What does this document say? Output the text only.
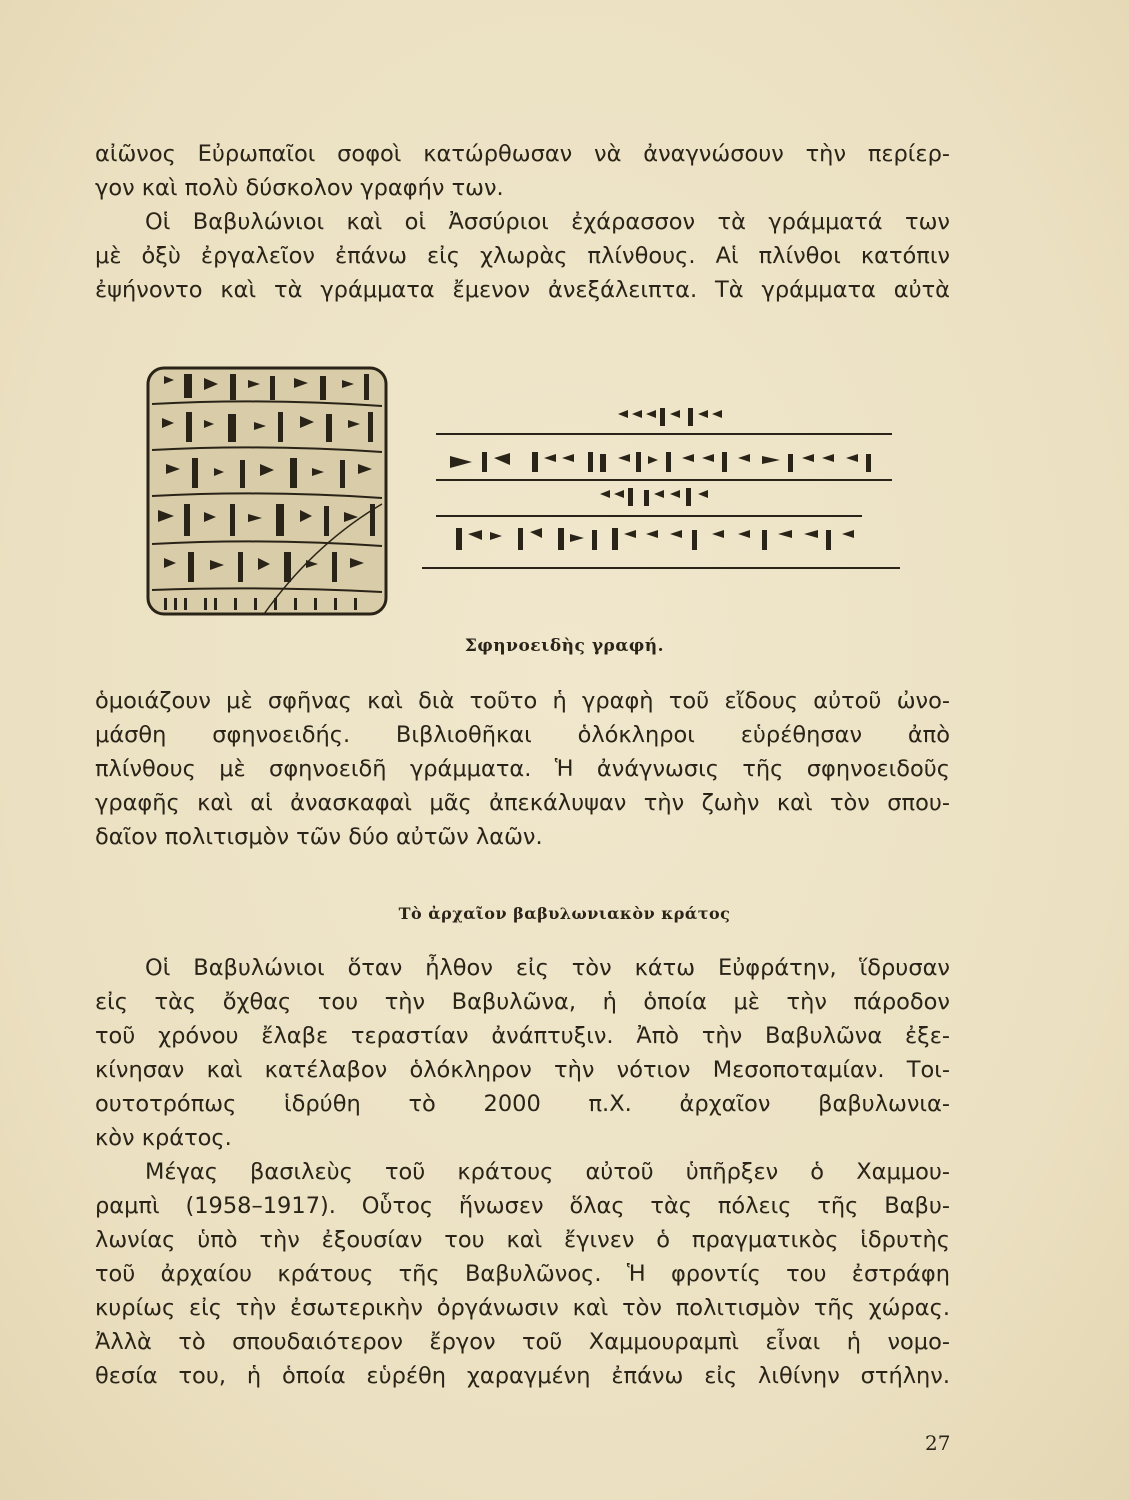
αἰῶνος Εὐρωπαῖοι σοφοὶ κατώρθωσαν νὰ ἀναγνώσουν τὴν περίερ-
γον καὶ πολὺ δύσκολον γραφήν των.
Οἱ Βαβυλώνιοι καὶ οἱ Ἀσσύριοι ἐχάρασσον τὰ γράμματά των
μὲ ὀξὺ ἐργαλεῖον ἐπάνω εἰς χλωρὰς πλίνθους. Αἱ πλίνθοι κατόπιν
ἐψήνοντο καὶ τὰ γράμματα ἔμενον ἀνεξάλειπτα. Τὰ γράμματα αὐτὰ
Σφηνοειδὴς γραφή.
ὁμοιάζουν μὲ σφῆνας καὶ διὰ τοῦτο ἡ γραφὴ τοῦ εἴδους αὐτοῦ ὠνο-
μάσθη σφηνοειδής. Βιβλιοθῆκαι ὁλόκληροι εὑρέθησαν ἀπὸ
πλίνθους μὲ σφηνοειδῆ γράμματα. Ἡ ἀνάγνωσις τῆς σφηνοειδοῦς
γραφῆς καὶ αἱ ἀνασκαφαὶ μᾶς ἀπεκάλυψαν τὴν ζωὴν καὶ τὸν σπου-
δαῖον πολιτισμὸν τῶν δύο αὐτῶν λαῶν.
Τὸ ἀρχαῖον βαβυλωνιακὸν κράτος
Οἱ Βαβυλώνιοι ὅταν ἦλθον εἰς τὸν κάτω Εὐφράτην, ἵδρυσαν
εἰς τὰς ὄχθας του τὴν Βαβυλῶνα, ἡ ὁποία μὲ τὴν πάροδον
τοῦ χρόνου ἔλαβε τεραστίαν ἀνάπτυξιν. Ἀπὸ τὴν Βαβυλῶνα ἐξε-
κίνησαν καὶ κατέλαβον ὁλόκληρον τὴν νότιον Μεσοποταμίαν. Τοι-
ουτοτρόπως ἱδρύθη τὸ 2000 π.Χ. ἀρχαῖον βαβυλωνια-
κὸν κράτος.
Μέγας βασιλεὺς τοῦ κράτους αὐτοῦ ὑπῆρξεν ὁ Χαμμου-
ραμπὶ (1958–1917). Οὗτος ἥνωσεν ὅλας τὰς πόλεις τῆς Βαβυ-
λωνίας ὑπὸ τὴν ἐξουσίαν του καὶ ἔγινεν ὁ πραγματικὸς ἱδρυτὴς
τοῦ ἀρχαίου κράτους τῆς Βαβυλῶνος. Ἡ φροντίς του ἐστράφη
κυρίως εἰς τὴν ἐσωτερικὴν ὀργάνωσιν καὶ τὸν πολιτισμὸν τῆς χώρας.
Ἀλλὰ τὸ σπουδαιότερον ἔργον τοῦ Χαμμουραμπὶ εἶναι ἡ νομο-
θεσία του, ἡ ὁποία εὑρέθη χαραγμένη ἐπάνω εἰς λιθίνην στήλην.
27
